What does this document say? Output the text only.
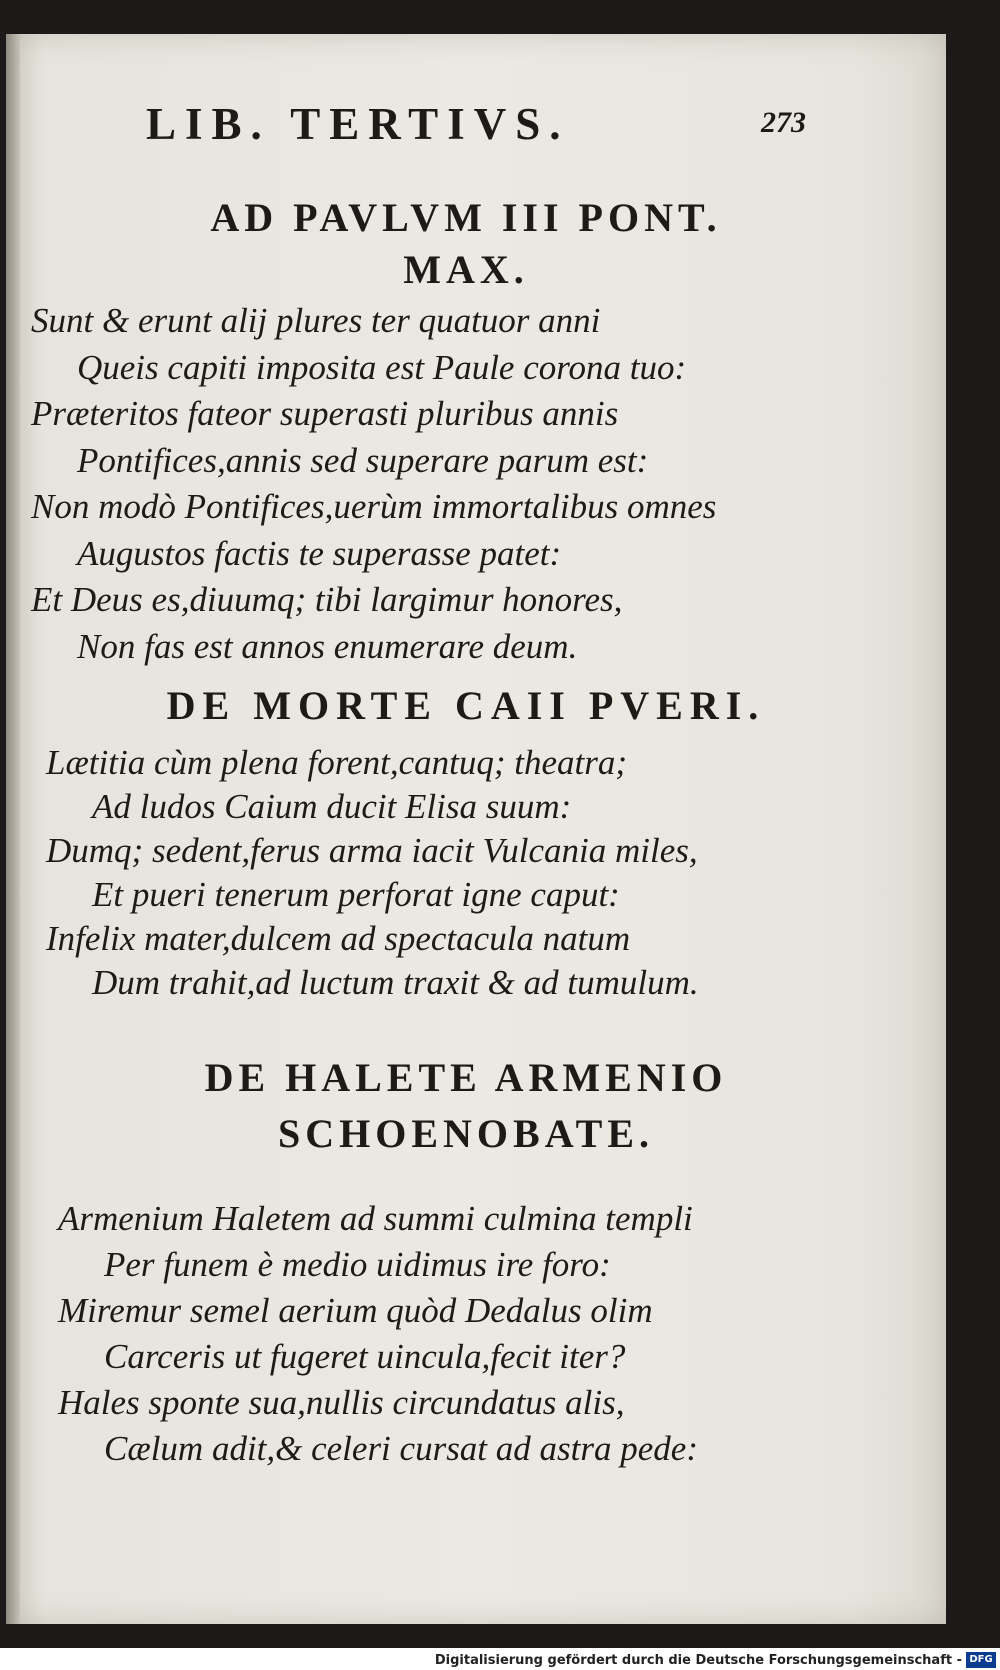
LIB. TERTIVS.	273
AD PAVLVM III PONT.
MAX.
Sunt & erunt alij plures ter quatuor anni
Queis capiti imposita est Paule corona tuo:
Præteritos fateor superasti pluribus annis
Pontifices,annis sed superare parum est:
Non modò Pontifices,uerùm immortalibus omnes
Augustos factis te superasse patet:
Et Deus es,diuumq; tibi largimur honores,
Non fas est annos enumerare deum.
DE MORTE CAII PVERI.
Lætitia cùm plena forent,cantuq; theatra;
Ad ludos Caium ducit Elisa suum:
Dumq; sedent,ferus arma iacit Vulcania miles,
Et pueri tenerum perforat igne caput:
Infelix mater,dulcem ad spectacula natum
Dum trahit,ad luctum traxit & ad tumulum.
DE HALETE ARMENIO
SCHOENOBATE.
Armenium Haletem ad summi culmina templi
Per funem è medio uidimus ire foro:
Miremur semel aerium quòd Dedalus olim
Carceris ut fugeret uincula,fecit iter?
Hales sponte sua,nullis circundatus alis,
Cælum adit,& celeri cursat ad astra pede:
Digitalisierung gefördert durch die Deutsche Forschungsgemeinschaft - DFG
